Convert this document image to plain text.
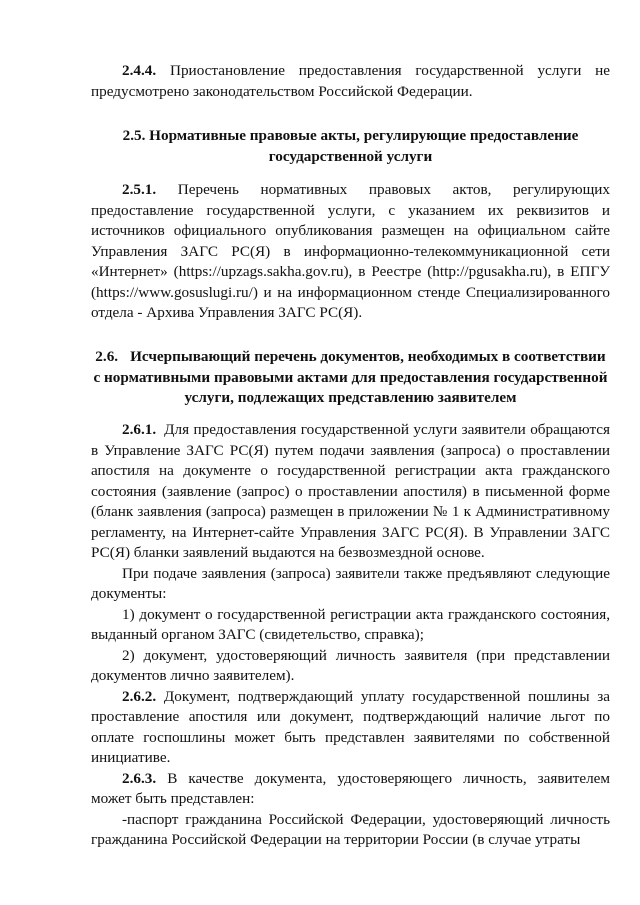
2.4.4. Приостановление предоставления государственной услуги не предусмотрено законодательством Российской Федерации.

2.5. Нормативные правовые акты, регулирующие предоставление
государственной услуги

2.5.1. Перечень нормативных правовых актов, регулирующих предоставление государственной услуги, с указанием их реквизитов и источников официального опубликования размещен на официальном сайте Управления ЗАГС РС(Я) в информационно-телекоммуникационной сети «Интернет» (https://upzags.sakha.gov.ru), в Реестре (http://pgusakha.ru), в ЕПГУ (https://www.gosuslugi.ru/) и на информационном стенде Специализированного отдела - Архива Управления ЗАГС РС(Я).

2.6. Исчерпывающий перечень документов, необходимых в соответствии
с нормативными правовыми актами для предоставления государственной
услуги, подлежащих представлению заявителем

2.6.1. Для предоставления государственной услуги заявители обращаются в Управление ЗАГС РС(Я) путем подачи заявления (запроса) о проставлении апостиля на документе о государственной регистрации акта гражданского состояния (заявление (запрос) о проставлении апостиля) в письменной форме (бланк заявления (запроса) размещен в приложении № 1 к Административному регламенту, на Интернет-сайте Управления ЗАГС РС(Я). В Управлении ЗАГС РС(Я) бланки заявлений выдаются на безвозмездной основе.

При подаче заявления (запроса) заявители также предъявляют следующие документы:

1) документ о государственной регистрации акта гражданского состояния, выданный органом ЗАГС (свидетельство, справка);

2) документ, удостоверяющий личность заявителя (при представлении документов лично заявителем).

2.6.2. Документ, подтверждающий уплату государственной пошлины за проставление апостиля или документ, подтверждающий наличие льгот по оплате госпошлины может быть представлен заявителями по собственной инициативе.

2.6.3. В качестве документа, удостоверяющего личность, заявителем может быть представлен:

-паспорт гражданина Российской Федерации, удостоверяющий личность гражданина Российской Федерации на территории России (в случае утраты
